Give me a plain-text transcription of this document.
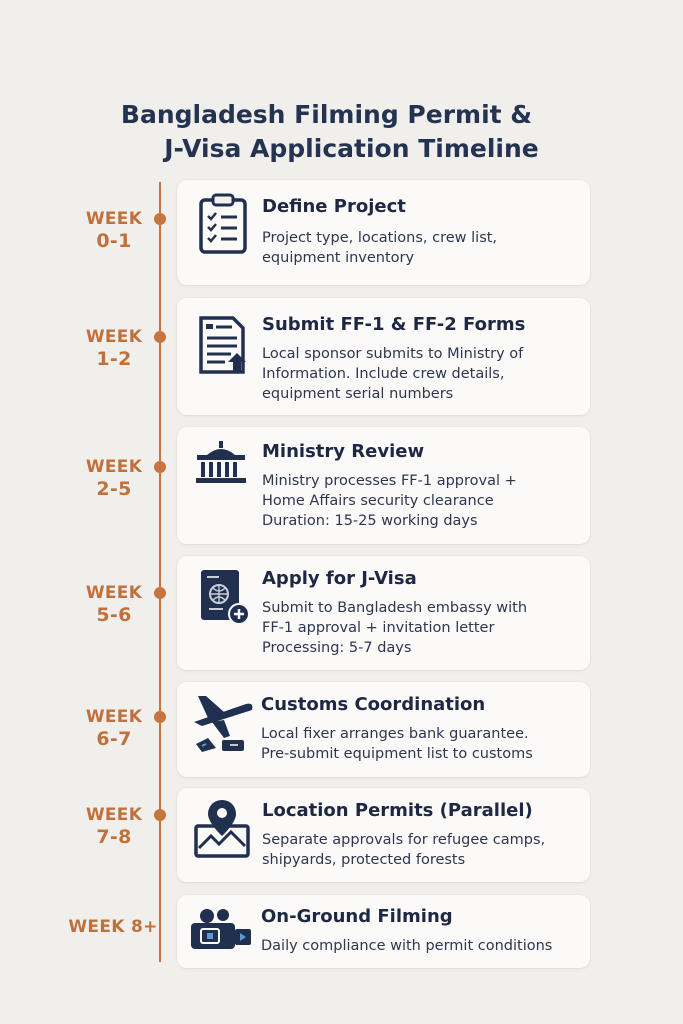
Bangladesh Filming Permit &
J-Visa Application Timeline
WEEK
0-1
Define Project
Project type, locations, crew list,
equipment inventory
WEEK
1-2
Submit FF-1 & FF-2 Forms
Local sponsor submits to Ministry of
Information. Include crew details,
equipment serial numbers
WEEK
2-5
Ministry Review
Ministry processes FF-1 approval +
Home Affairs security clearance
Duration: 15-25 working days
WEEK
5-6
Apply for J-Visa
Submit to Bangladesh embassy with
FF-1 approval + invitation letter
Processing: 5-7 days
WEEK
6-7
Customs Coordination
Local fixer arranges bank guarantee.
Pre-submit equipment list to customs
WEEK
7-8
Location Permits (Parallel)
Separate approvals for refugee camps,
shipyards, protected forests
WEEK 8+	On-Ground Filming
Daily compliance with permit conditions
